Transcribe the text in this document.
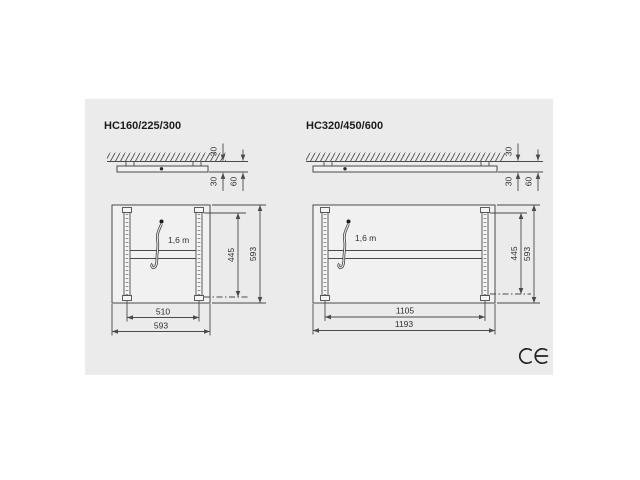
HC160/225/300
30
30 60
1,6 m
510
593
445 593
HC320/450/600
30
30 60
1,6 m
1105
1193
445 593
